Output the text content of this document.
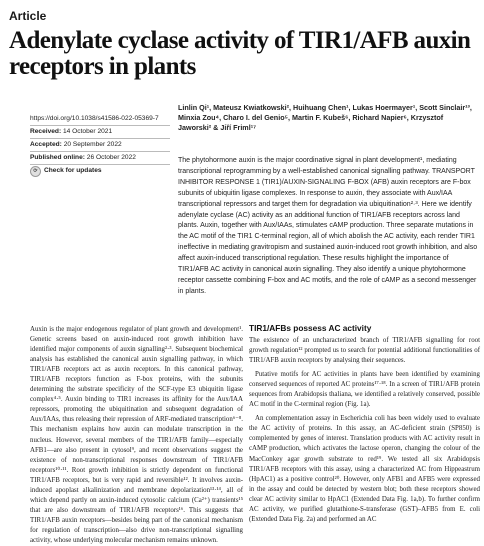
Article
Adenylate cyclase activity of TIR1/AFB auxin receptors in plants
Linlin Qi¹, Mateusz Kwiatkowski², Huihuang Chen¹, Lukas Hoermayer¹, Scott Sinclair¹³, Minxia Zou⁴, Charo I. del Genio⁵, Martin F. Kubeš⁶, Richard Napier⁶, Krzysztof Jaworski² & Jiří Friml¹⁷
https://doi.org/10.1038/s41586-022-05369-7
Received: 14 October 2021
Accepted: 20 September 2022
Published online: 26 October 2022
⟳ Check for updates
The phytohormone auxin is the major coordinative signal in plant development¹, mediating transcriptional reprogramming by a well-established canonical signalling pathway. TRANSPORT INHIBITOR RESPONSE 1 (TIR1)/AUXIN-SIGNALING F-BOX (AFB) auxin receptors are F-box subunits of ubiquitin ligase complexes. In response to auxin, they associate with Aux/IAA transcriptional repressors and target them for degradation via ubiquitination²·³. Here we identify adenylate cyclase (AC) activity as an additional function of TIR1/AFB receptors across land plants. Auxin, together with Aux/IAAs, stimulates cAMP production. Three separate mutations in the AC motif of the TIR1 C-terminal region, all of which abolish the AC activity, each render TIR1 ineffective in mediating gravitropism and sustained auxin-induced root growth inhibition, and also affect auxin-induced transcriptional regulation. These results highlight the importance of TIR1/AFB AC activity in canonical auxin signalling. They also identify a unique phytohormone receptor cassette combining F-box and AC motifs, and the role of cAMP as a second messenger in plants.
Auxin is the major endogenous regulator of plant growth and development¹. Genetic screens based on auxin-induced root growth inhibition have identified major components of auxin signalling²·³. Subsequent biochemical analysis has established the canonical auxin signalling pathway, in which TIR1/AFB receptors act as auxin receptors. In this canonical pathway, TIR1/AFB receptors function as F-box proteins, with the subunits determining the substrate specificity of the SCF-type E3 ubiquitin ligase complex⁴·⁵. Auxin binding to TIR1 increases its affinity for the Aux/IAA repressors, promoting the ubiquitination and subsequent degradation of Aux/IAAs, thus releasing their repression of ARF-mediated transcription⁶⁻⁸. This mechanism explains how auxin can modulate transcription in the nucleus. However, several members of the TIR1/AFB family—especially AFB1—are also present in cytosol⁹, and recent observations suggest the existence of non-transcriptional responses downstream of TIR1/AFB receptors¹⁰·¹¹. Root growth inhibition is strictly dependent on functional TIR1/AFB receptors, but is very rapid and reversible¹². It involves auxin-induced apoplast alkalinization and membrane depolarization¹³·¹⁴, all of which depend partly on auxin-induced cytosolic calcium (Ca²⁺) transients¹⁵ that are also downstream of TIR1/AFB receptors¹⁶. This suggests that TIR1/AFB auxin receptors—besides being part of the canonical mechanism for regulation of transcription—also drive non-transcriptional signalling activity, whose underlying molecular mechanism remains unknown.
TIR1/AFBs possess AC activity

The existence of an uncharacterized branch of TIR1/AFB signalling for root growth regulation¹² prompted us to search for potential additional functionalities of TIR1/AFB auxin receptors by analysing their sequences.

Putative motifs for AC activities in plants have been identified by examining conserved sequences of reported AC proteins¹⁷·¹⁸. In a screen of TIR1/AFB protein sequences from Arabidopsis thaliana, we identified a relatively conserved, possible AC motif in the C-terminal region (Fig. 1a).

An complementation assay in Escherichia coli has been widely used to evaluate the AC activity of proteins. In this assay, an AC-deficient strain (SP850) is complemented by genes of interest. Translation products with AC activity result in cAMP production, which activates the lactose operon, changing the colour of the MacConkey agar growth substrate to red¹⁹. We tested all six Arabidopsis TIR1/AFB receptors with this assay, using a characterized AC from Hippeastrum (HpAC1) as a positive control²⁰. However, only AFB1 and AFB5 were expressed in the assay and could be detected by western blot; both these receptors showed clear AC activity similar to HpAC1 (Extended Data Fig. 1a,b). To further confirm AC activity, we purified glutathione-S-transferase (GST)–AFB5 from E. coli (Extended Data Fig. 2a) and performed an AC
